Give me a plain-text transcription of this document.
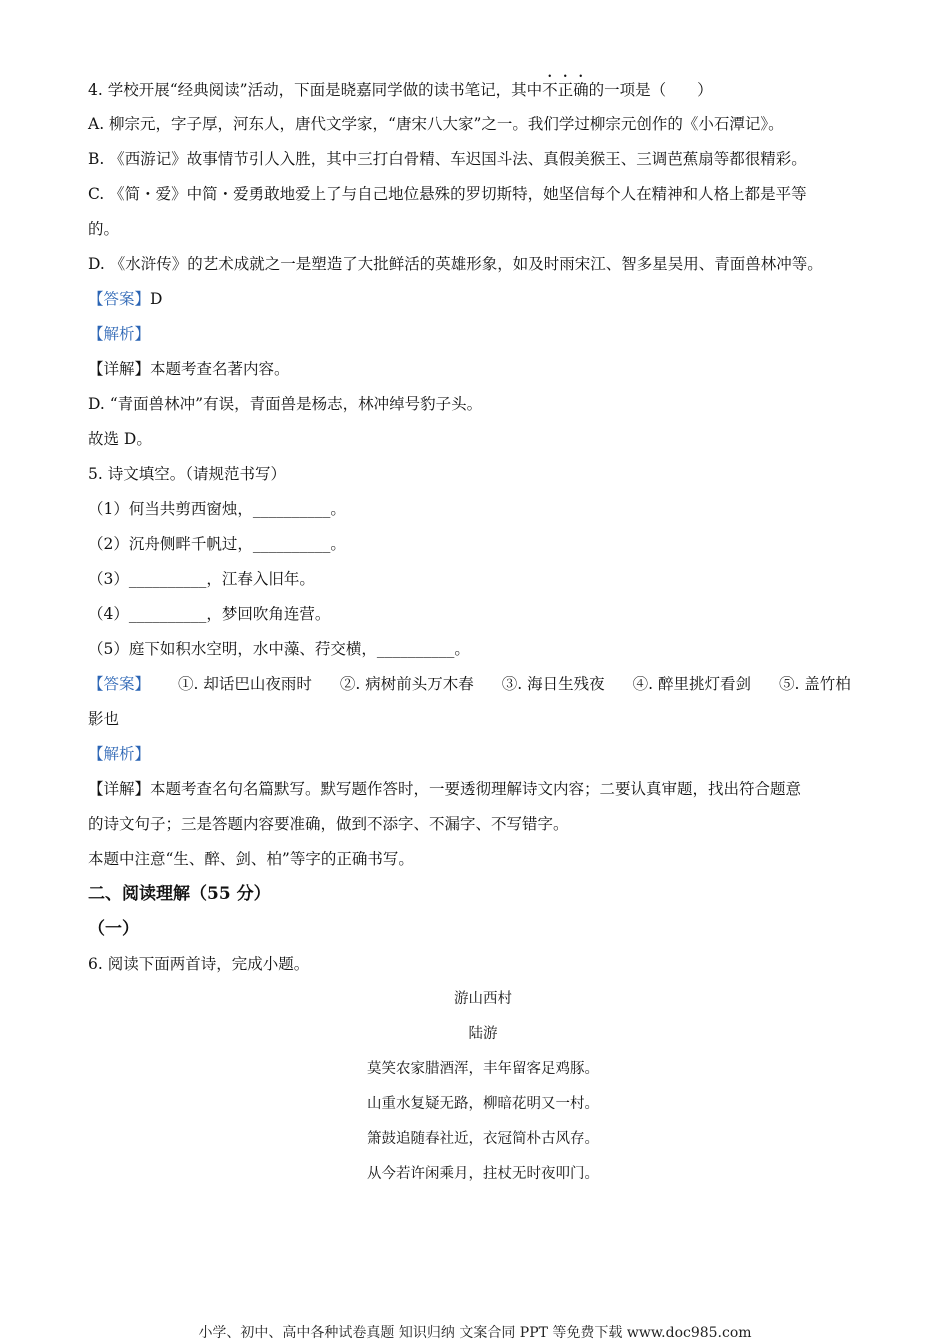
4. 学校开展“经典阅读”活动，下面是晓嘉同学做的读书笔记，其中不正确的一项是（　　）
A. 柳宗元，字子厚，河东人，唐代文学家，“唐宋八大家”之一。我们学过柳宗元创作的《小石潭记》。
B. 《西游记》故事情节引人入胜，其中三打白骨精、车迟国斗法、真假美猴王、三调芭蕉扇等都很精彩。
C. 《简・爱》中简・爱勇敢地爱上了与自己地位悬殊的罗切斯特，她坚信每个人在精神和人格上都是平等
的。
D. 《水浒传》的艺术成就之一是塑造了大批鲜活的英雄形象，如及时雨宋江、智多星吴用、青面兽林冲等。
【答案】D
【解析】
【详解】本题考查名著内容。
D. “青面兽林冲”有误，青面兽是杨志，林冲绰号豹子头。
故选 D。
5. 诗文填空。（请规范书写）
（1）何当共剪西窗烛，__________。
（2）沉舟侧畔千帆过，__________。
（3）__________，江春入旧年。
（4）__________，梦回吹角连营。
（5）庭下如积水空明，水中藻、荇交横，__________。
【答案】 ①. 却话巴山夜雨时 ②. 病树前头万木春 ③. 海日生残夜 ④. 醉里挑灯看剑 ⑤. 盖竹柏
影也
【解析】
【详解】本题考查名句名篇默写。默写题作答时，一要透彻理解诗文内容；二要认真审题，找出符合题意
的诗文句子；三是答题内容要准确，做到不添字、不漏字、不写错字。
本题中注意“生、醉、剑、柏”等字的正确书写。
二、阅读理解（55 分）
（一）
6. 阅读下面两首诗，完成小题。
游山西村
陆游
莫笑农家腊酒浑，丰年留客足鸡豚。
山重水复疑无路，柳暗花明又一村。
箫鼓追随春社近，衣冠简朴古风存。
从今若许闲乘月，拄杖无时夜叩门。
小学、初中、高中各种试卷真题 知识归纳 文案合同 PPT 等免费下载 www.doc985.com
